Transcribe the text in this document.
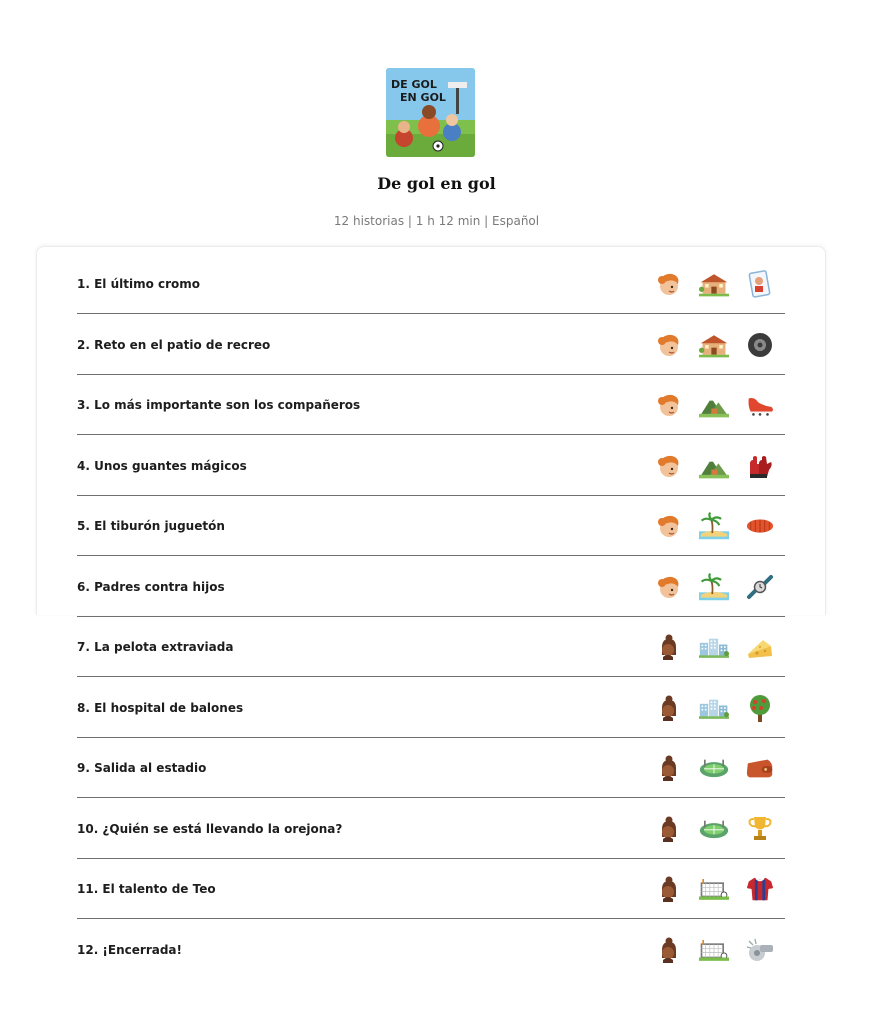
DE GOL
EN GOL
De gol en gol
12 historias | 1 h 12 min | Español
1. El último cromo
2. Reto en el patio de recreo
3. Lo más importante son los compañeros
4. Unos guantes mágicos
5. El tiburón juguetón
6. Padres contra hijos
7. La pelota extraviada
8. El hospital de balones
9. Salida al estadio
10. ¿Quién se está llevando la orejona?
11. El talento de Teo
12. ¡Encerrada!
